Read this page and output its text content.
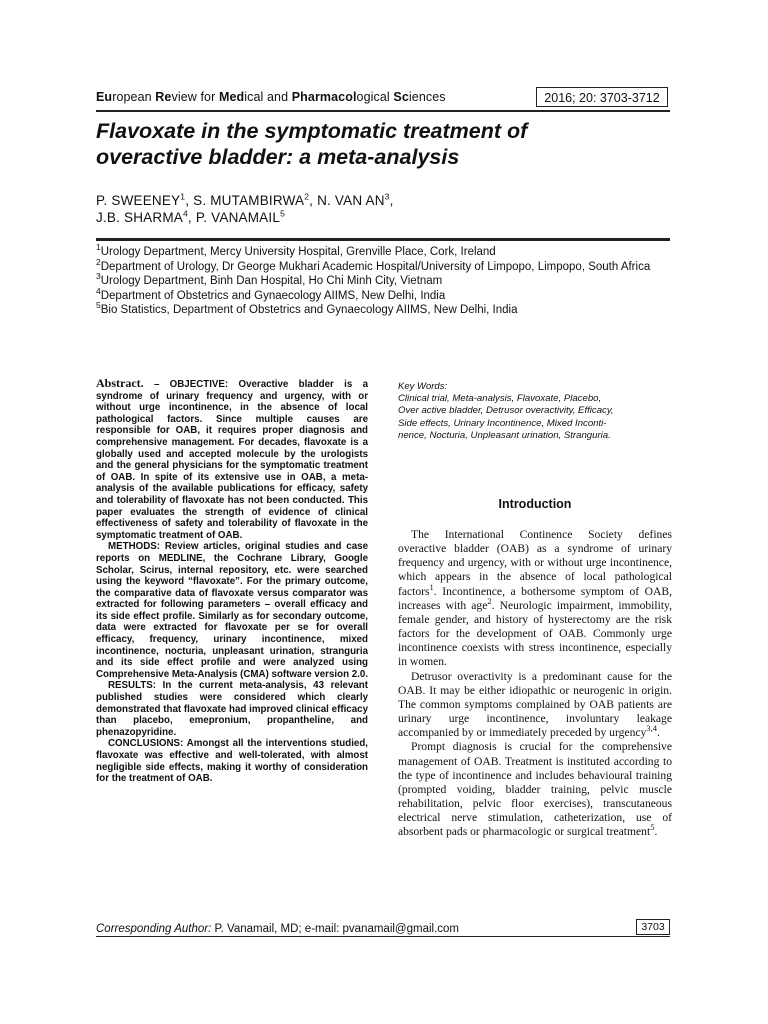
European Review for Medical and Pharmacological Sciences	2016; 20: 3703-3712
Flavoxate in the symptomatic treatment of
overactive bladder: a meta-analysis
P. SWEENEY$^1$, S. MUTAMBIRWA$^2$, N. VAN $AN^3$,
J.B. SHARMA$^4$, P. VANAMAIL$^5$
$^1$Urology Department, Mercy University Hospital, Grenville Place, Cork, Ireland
$^2$Department of Urology, Dr George Mukhari Academic Hospital/University of Limpopo, Limpopo, South Africa
$^3$Urology Department, Binh Dan Hospital, Ho Chi Minh City, Vietnam
$^4$Department of Obstetrics and Gynaecology AIIMS, New Delhi, India
$^5$Bio Statistics, Department of Obstetrics and Gynaecology AIIMS, New Delhi, India

Abstract. – OBJECTIVE: Overactive bladder is a syndrome of urinary frequency and urgency, with or without urge incontinence, in the absence of local pathological factors. Since multiple causes are responsible for OAB, it requires proper diagnosis and comprehensive management. For decades, flavoxate is a globally used and accepted molecule by the urologists and the general physicians for the symptomatic treatment of OAB. In spite of its extensive use in OAB, a meta-analysis of the available publications for efficacy, safety and tolerability of flavoxate has not been conducted. This paper evaluates the strength of evidence of clinical effectiveness of safety and tolerability of flavoxate in the symptomatic treatment of OAB.

METHODS: Review articles, original studies and case reports on MEDLINE, the Cochrane Library, Google Scholar, Scirus, internal repository, etc. were searched using the keyword “flavoxate”. For the primary outcome, the comparative data of flavoxate versus comparator was extracted for following parameters – overall efficacy and its side effect profile. Similarly as for secondary outcome, data were extracted for flavoxate per se for overall efficacy, frequency, urinary incontinence, mixed incontinence, nocturia, unpleasant urination, stranguria and its side effect profile and were analyzed using Comprehensive Meta-Analysis (CMA) software version 2.0.

RESULTS: In the current meta-analysis, 43 relevant published studies were considered which clearly demonstrated that flavoxate had improved clinical efficacy than placebo, emepronium, propantheline, and phenazopyridine.

CONCLUSIONS: Amongst all the interventions studied, flavoxate was effective and well-tolerated, with almost negligible side effects, making it worthy of consideration for the treatment of OAB.

Key Words:
Clinical trial, Meta-analysis, Flavoxate, Placebo,
Over active bladder, Detrusor overactivity, Efficacy,
Side effects, Urinary Incontinence, Mixed Inconti-
nence, Nocturia, Unpleasant urination, Stranguria.
Introduction

The International Continence Society defines overactive bladder (OAB) as a syndrome of urinary frequency and urgency, with or without urge incontinence, which appears in the absence of local pathological factors$^1$. Incontinence, a bothersome symptom of OAB, increases with age$^2$. Neurologic impairment, immobility, female gender, and history of hysterectomy are the risk factors for the development of OAB. Commonly urge incontinence coexists with stress incontinence, especially in women.

Detrusor overactivity is a predominant cause for the OAB. It may be either idiopathic or neurogenic in origin. The common symptoms complained by OAB patients are urinary urge incontinence, involuntary leakage accompanied by or immediately preceded by urgency$^{3,4}$.

Prompt diagnosis is crucial for the comprehensive management of OAB. Treatment is instituted according to the type of incontinence and includes behavioural training (prompted voiding, bladder training, pelvic muscle rehabilitation, pelvic floor exercises), transcutaneous electrical nerve stimulation, catheterization, use of absorbent pads or pharmacologic or surgical treatment$^5$.

Corresponding Author: P. Vanamail, MD; e-mail: pvanamail@gmail.com	3703
